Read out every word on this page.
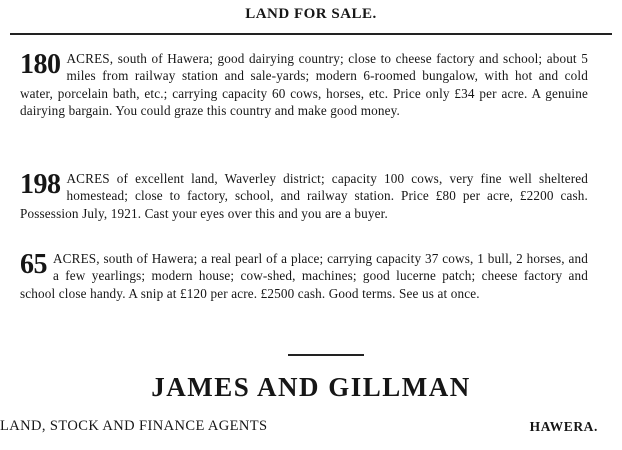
LAND FOR SALE.
180 ACRES, south of Hawera; good dairying country; close to cheese factory and school; about 5 miles from railway station and sale-yards; modern 6-roomed bungalow, with hot and cold water, porcelain bath, etc.; carrying capacity 60 cows, horses, etc. Price only £34 per acre. A genuine dairying bargain. You could graze this country and make good money.

198 ACRES of excellent land, Waverley district; capacity 100 cows, very fine well sheltered homestead; close to factory, school, and railway station. Price £80 per acre, £2200 cash. Possession July, 1921. Cast your eyes over this and you are a buyer.

65 ACRES, south of Hawera; a real pearl of a place; carrying capacity 37 cows, 1 bull, 2 horses, and a few yearlings; modern house; cow-shed, machines; good lucerne patch; cheese factory and school close handy. A snip at £120 per acre. £2500 cash. Good terms. See us at once.

JAMES AND GILLMAN
LAND, STOCK AND FINANCE AGENTS	HAWERA.
